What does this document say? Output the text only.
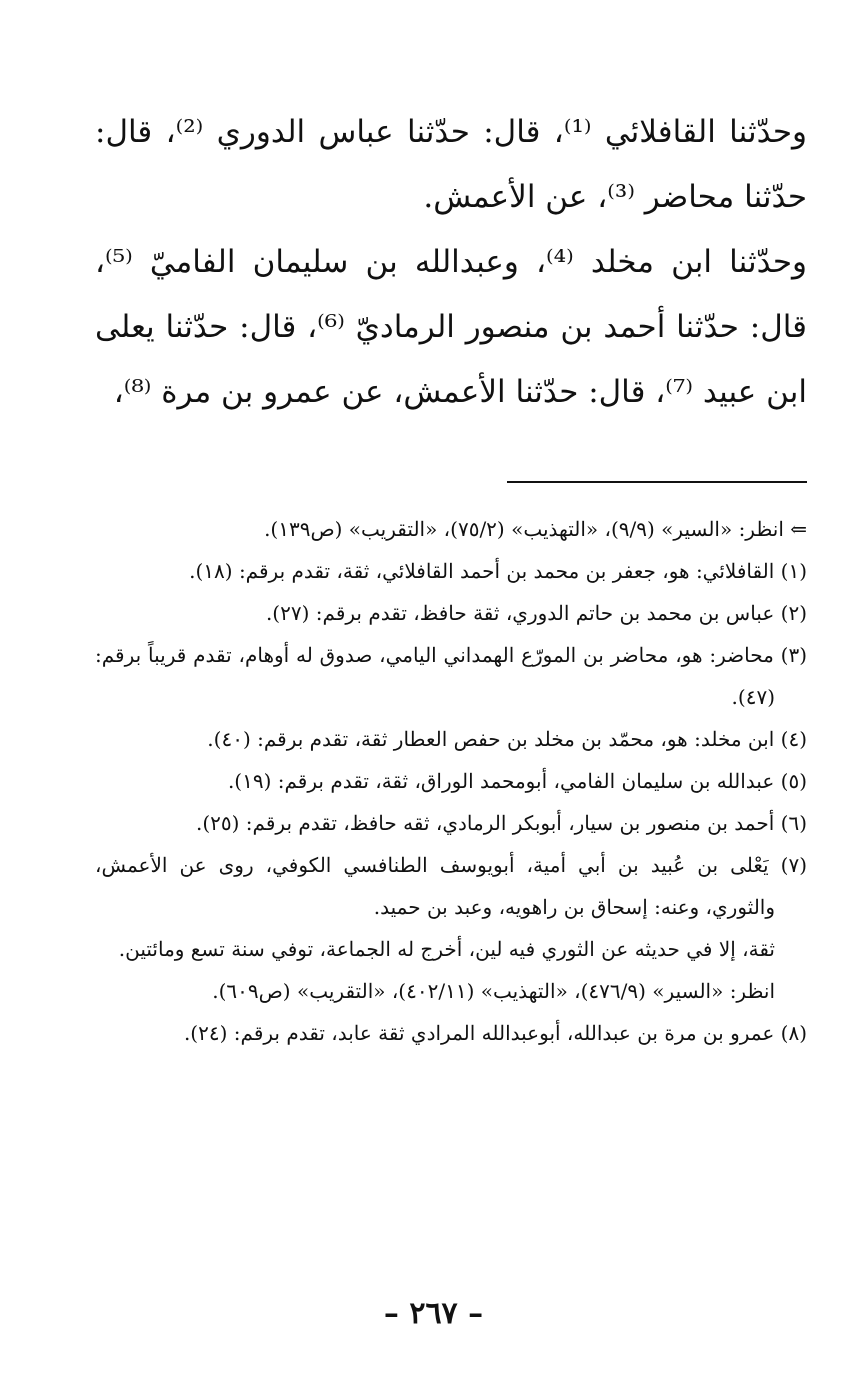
وحدّثنا القافلائي ⁽¹⁾، قال: حدّثنا عباس الدوري ⁽²⁾، قال: حدّثنا محاضر ⁽³⁾، عن الأعمش.

وحدّثنا ابن مخلد ⁽⁴⁾، وعبدالله بن سليمان الفاميّ ⁽⁵⁾، قال: حدّثنا أحمد بن منصور الرماديّ ⁽⁶⁾، قال: حدّثنا يعلى ابن عبيد ⁽⁷⁾، قال: حدّثنا الأعمش، عن عمرو بن مرة ⁽⁸⁾،

⇐ انظر: «السير» (٩/٩)، «التهذيب» (٧٥/٢)، «التقريب» (ص١٣٩).

(١) القافلائي: هو، جعفر بن محمد بن أحمد القافلائي، ثقة، تقدم برقم: (١٨).

(٢) عباس بن محمد بن حاتم الدوري، ثقة حافظ، تقدم برقم: (٢٧).

(٣) محاضر: هو، محاضر بن المورّع الهمداني اليامي، صدوق له أوهام، تقدم قريباً برقم: (٤٧).

(٤) ابن مخلد: هو، محمّد بن مخلد بن حفص العطار ثقة، تقدم برقم: (٤٠).

(٥) عبدالله بن سليمان الفامي، أبومحمد الوراق، ثقة، تقدم برقم: (١٩).

(٦) أحمد بن منصور بن سيار، أبوبكر الرمادي، ثقه حافظ، تقدم برقم: (٢٥).

(٧) يَعْلى بن عُبيد بن أبي أمية، أبويوسف الطنافسي الكوفي، روى عن الأعمش، والثوري، وعنه: إسحاق بن راهويه، وعبد بن حميد.

ثقة، إلا في حديثه عن الثوري فيه لين، أخرج له الجماعة، توفي سنة تسع ومائتين.

انظر: «السير» (٤٧٦/٩)، «التهذيب» (٤٠٢/١١)، «التقريب» (ص٦٠٩).

(٨) عمرو بن مرة بن عبدالله، أبوعبدالله المرادي ثقة عابد، تقدم برقم: (٢٤).

– ٢٦٧ –
